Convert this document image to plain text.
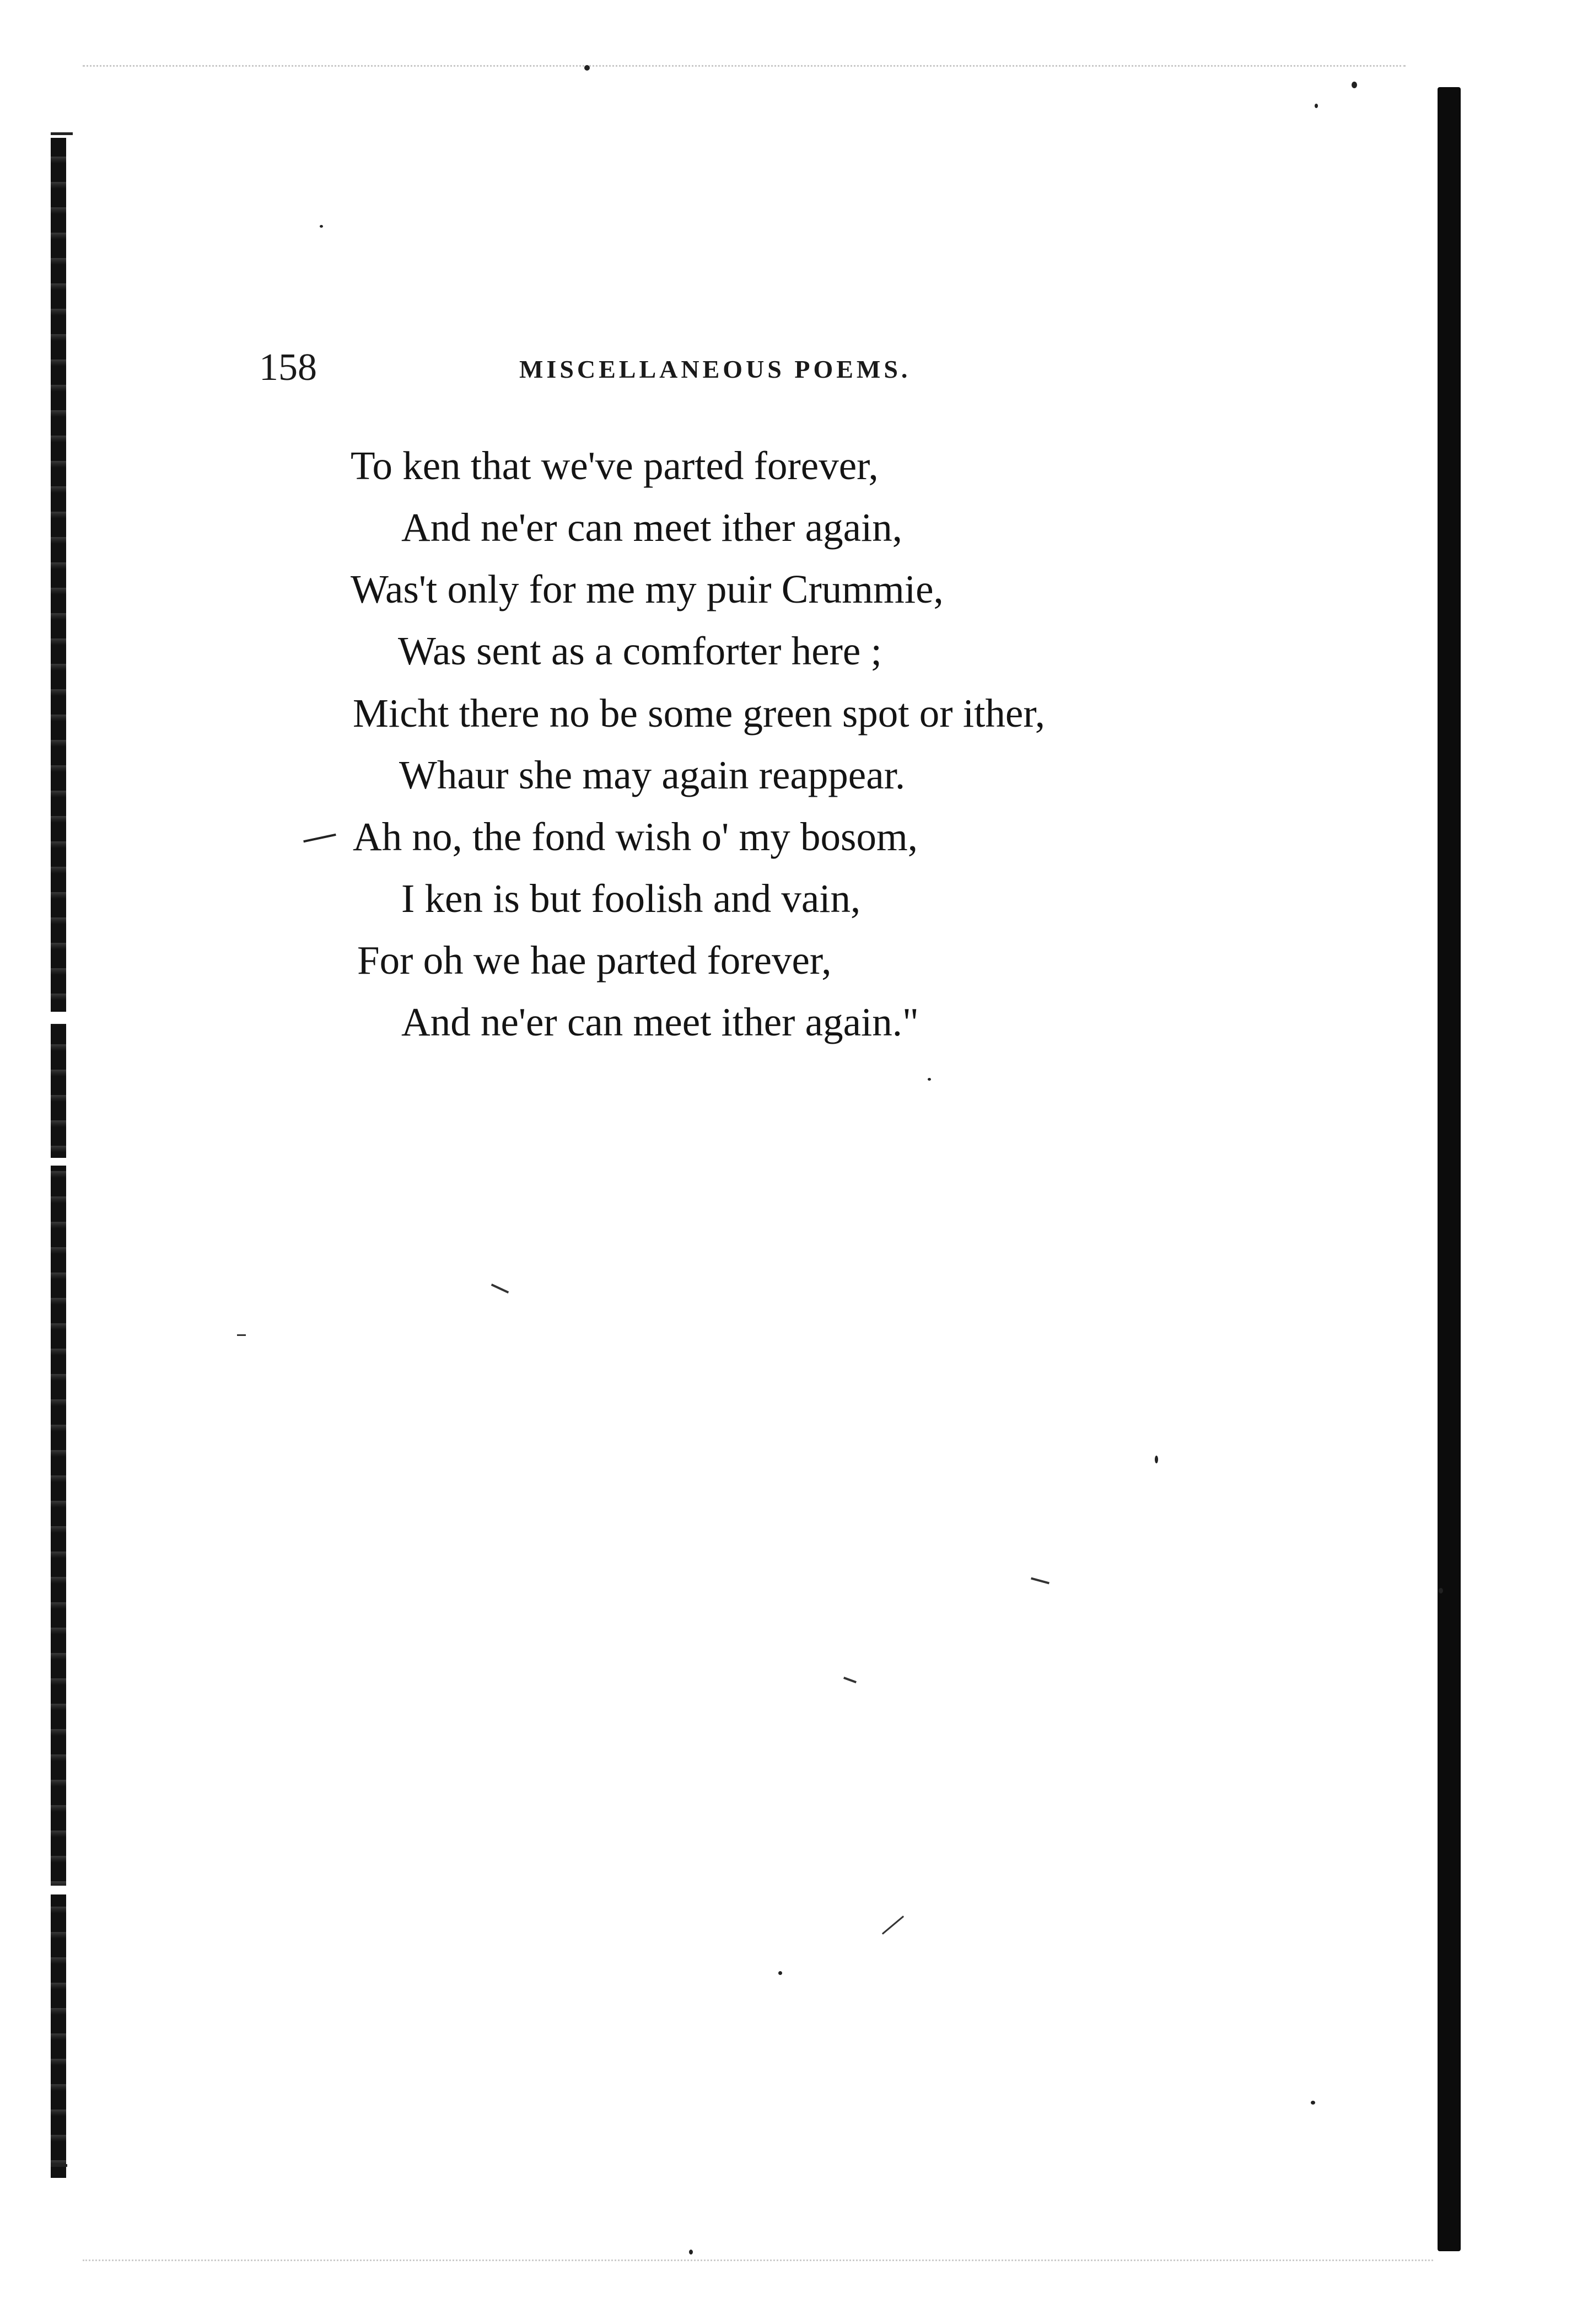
158	MISCELLANEOUS POEMS.
To ken that we've parted forever,
And ne'er can meet ither again,
Was't only for me my puir Crummie,
Was sent as a comforter here ;
Micht there no be some green spot or ither,
Whaur she may again reappear.
Ah no, the fond wish o' my bosom,
I ken is but foolish and vain,
For oh we hae parted forever,
And ne'er can meet ither again."
